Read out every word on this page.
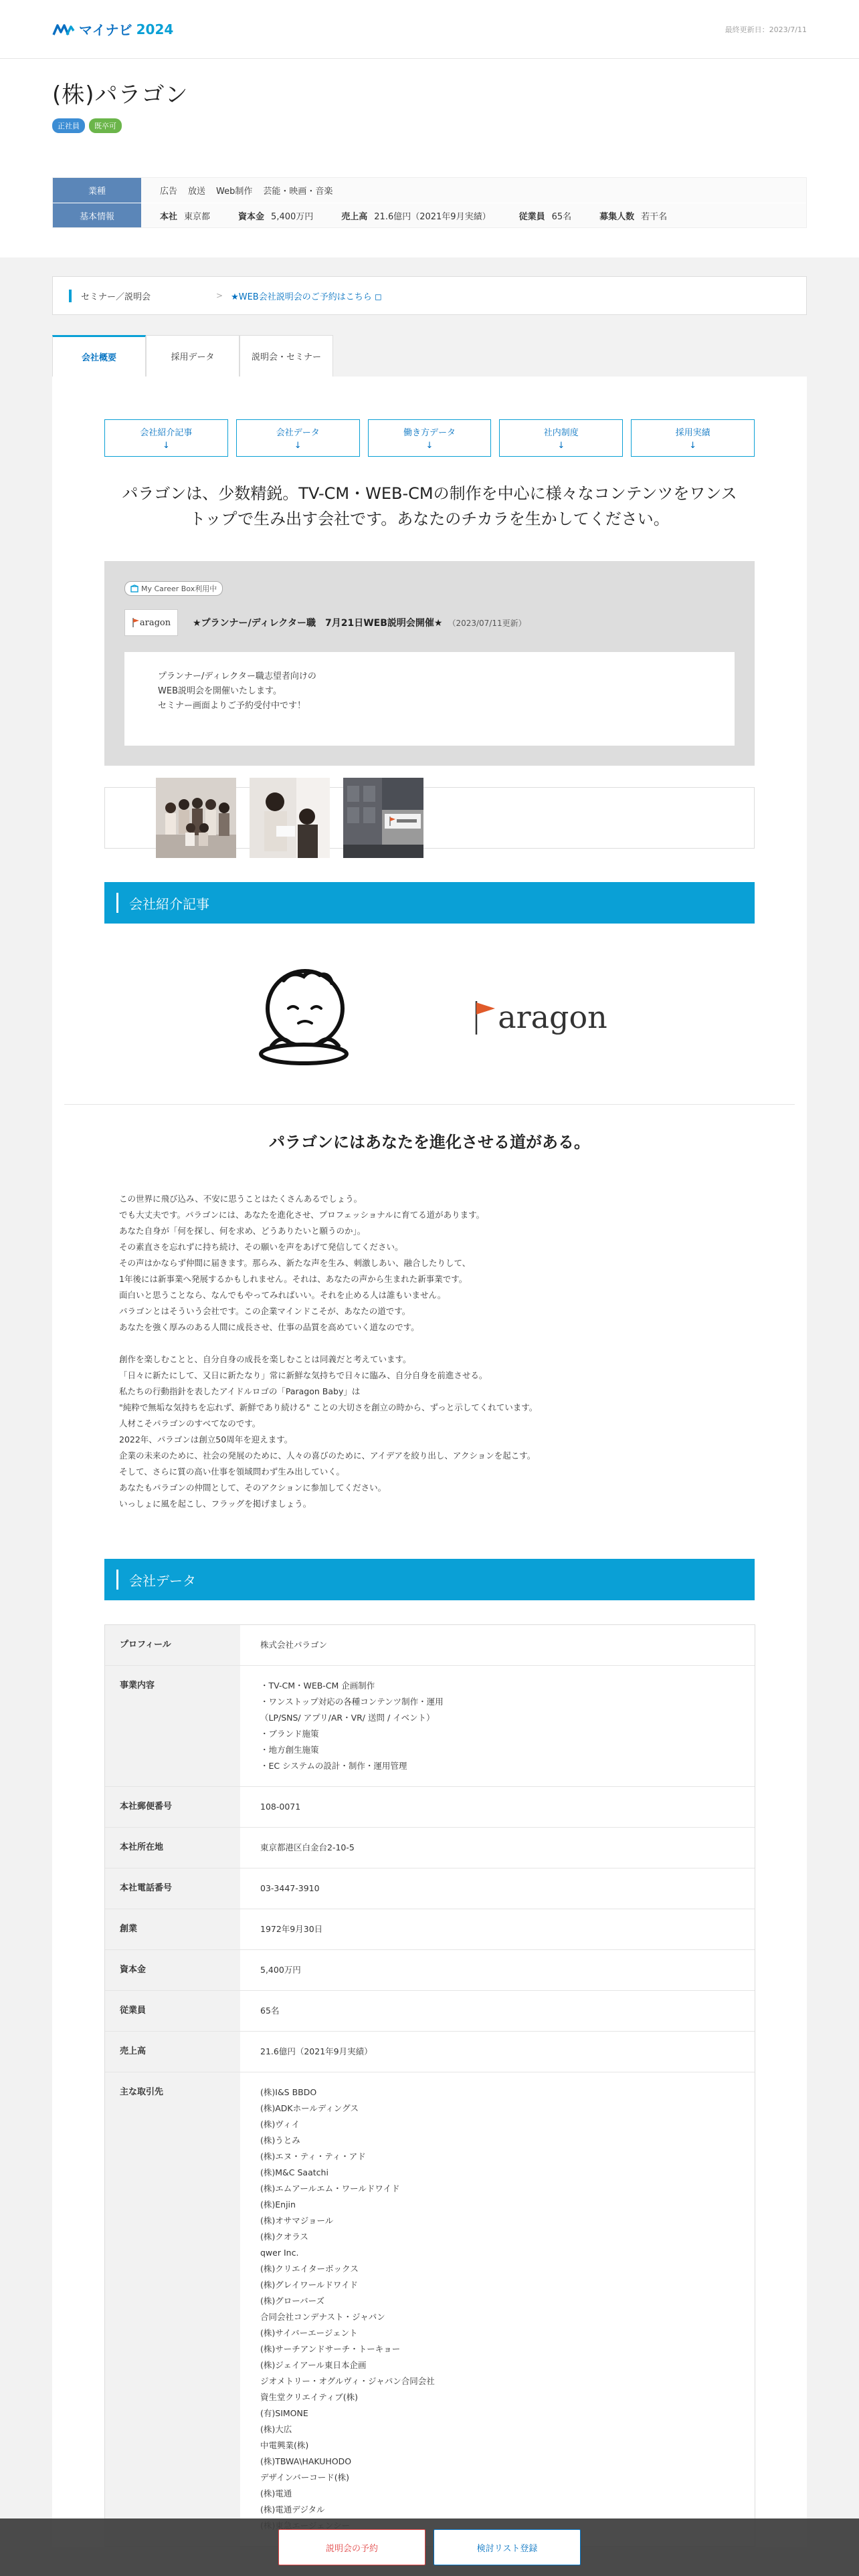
マイナビ 2024	最終更新日：2023/7/11
(株)パラゴン
正社員	既卒可
業種	広告 放送 Web制作 芸能・映画・音楽
基本情報	本社 東京都	資本金 5,400万円	売上高 21.6億円（2021年9月実績）	従業員 65名	募集人数 若干名
セミナー／説明会	> ★WEB会社説明会のご予約はこちら ◻
会社概要	採用データ	説明会・セミナー
会社紹介記事
↓
会社データ
↓
働き方データ
↓
社内制度
↓
採用実績
↓

パラゴンは、少数精鋭。TV-CM・WEB-CMの制作を中心に様々なコンテンツをワンストップで生み出す会社です。あなたのチカラを生かしてください。

My Career Box利用中
aragon ★プランナー/ディレクター職　7月21日WEB説明会開催★ （2023/07/11更新）

プランナー/ディレクター職志望者向けの

WEB説明会を開催いたします。

セミナー画面よりご予約受付中です！

会社紹介記事
aragon
パラゴンにはあなたを進化させる道がある。

この世界に飛び込み、不安に思うことはたくさんあるでしょう。

でも大丈夫です。パラゴンには、あなたを進化させ、プロフェッショナルに育てる道があります。

あなた自身が「何を探し、何を求め、どうありたいと願うのか」。

その素直さを忘れずに持ち続け、その願いを声をあげて発信してください。

その声はかならず仲間に届きます。那らみ、新たな声を生み、刺激しあい、融合したりして、

1年後には新事業へ発展するかもしれません。それは、あなたの声から生まれた新事業です。

面白いと思うことなら、なんでもやってみればいい。それを止める人は誰もいません。

パラゴンとはそういう会社です。この企業マインドこそが、あなたの道です。

あなたを強く厚みのある人間に成長させ、仕事の品質を高めていく道なのです。

創作を楽しむことと、自分自身の成長を楽しむことは同義だと考えています。

「日々に新たにして、又日に新たなり」常に新鮮な気持ちで日々に臨み、自分自身を前進させる。

私たちの行動指針を表したアイドルロゴの「Paragon Baby」は

"純粋で無垢な気持ちを忘れず、新鮮であり続ける" ことの大切さを創立の時から、ずっと示してくれています。

人材こそパラゴンのすべてなのです。

2022年、パラゴンは創立50周年を迎えます。

企業の未来のために、社会の発展のために、人々の喜びのために、アイデアを絞り出し、アクションを起こす。

そして、さらに質の高い仕事を領域問わず生み出していく。

あなたもパラゴンの仲間として、そのアクションに参加してください。

いっしょに風を起こし、フラッグを掲げましょう。

会社データ
プロフィール	株式会社パラゴン
事業内容	・TV-CM・WEB-CM 企画制作
・ワンストップ対応の各種コンテンツ制作・運用
（LP/SNS/ アプリ/AR・VR/ 送問 / イベント）
・ブランド施策
・地方創生施策
・EC システムの設計・制作・運用管理
本社郵便番号	108-0071
本社所在地	東京都港区白金台2-10-5
本社電話番号	03-3447-3910
創業	1972年9月30日
資本金	5,400万円
従業員	65名
売上高	21.6億円（2021年9月実績）
主な取引先	(株)I&S BBDO
(株)ADKホールディングス
(株)ヴィイ
(株)うとみ
(株)エヌ・ティ・ティ・アド
(株)M&C Saatchi
(株)エムアールエム・ワールドワイド
(株)Enjin
(株)オサマジョール
(株)クオラス
qwer Inc.
(株)クリエイターボックス
(株)グレイワールドワイド
(株)グローバーズ
合同会社コンデナスト・ジャパン
(株)サイバーエージェント
(株)サーチアンドサーチ・トーキョー
(株)ジェイアール東日本企画
ジオメトリー・オグルヴィ・ジャパン合同会社
資生堂クリエイティブ(株)
(有)SIMONE
(株)大広
中電興業(株)
(株)TBWA\HAKUHODO
デザインバーコード(株)
(株)電通
(株)電通デジタル
説明会の予約	検討リスト登録
